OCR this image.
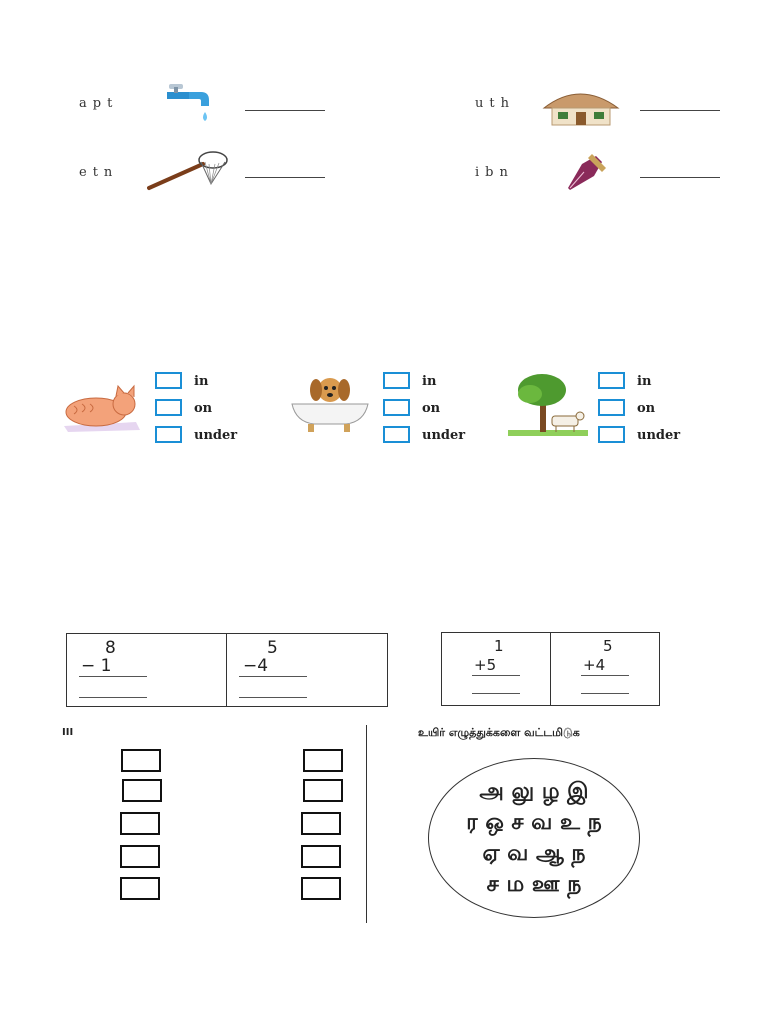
apt
etn
uth
ibn
in
on
under
in
on
under
in
on
under
8
− 1

5
−4
1
+5

5
+4
III	உயிர் எழுத்துக்களை வட்டமிடுக
அ லு ழ இ
ர ஒ ச வ உ ந
ஏ வ ஆ ந
ச ம ஊ ந
